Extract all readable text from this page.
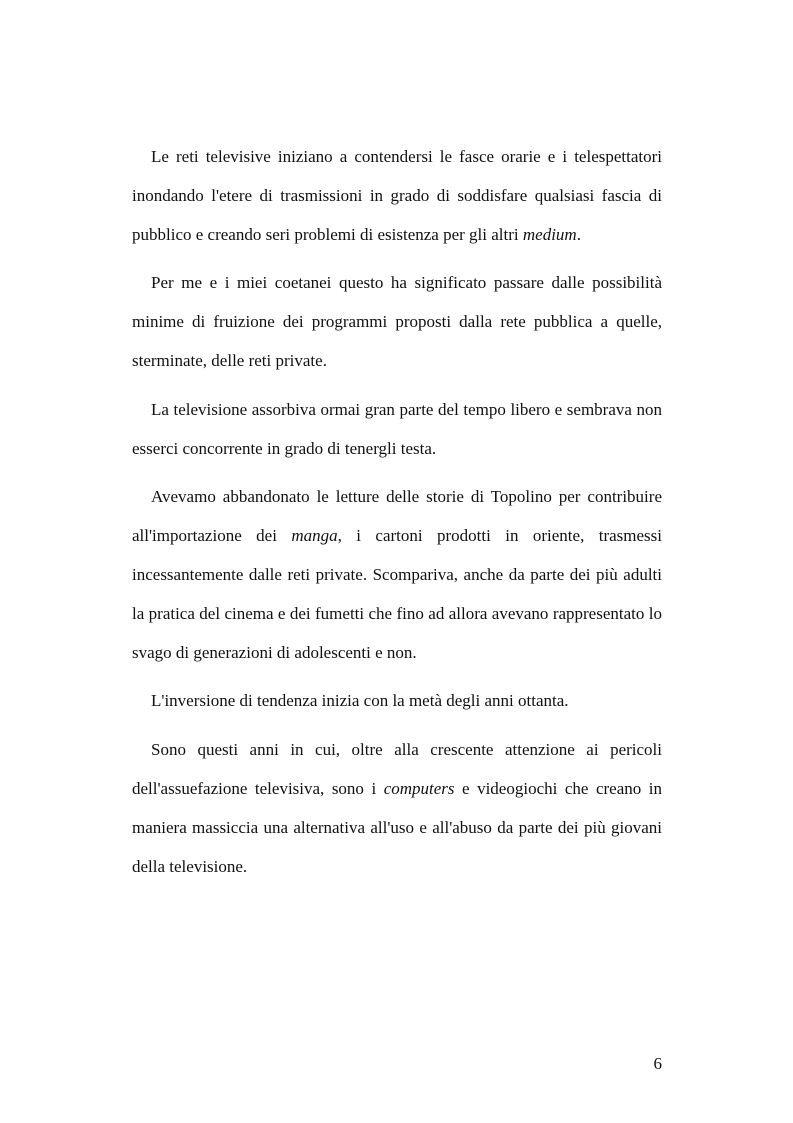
Le reti televisive iniziano a contendersi le fasce orarie e i telespettatori inondando l'etere di trasmissioni in grado di soddisfare qualsiasi fascia di pubblico e creando seri problemi di esistenza per gli altri medium.

Per me e i miei coetanei questo ha significato passare dalle possibilità minime di fruizione dei programmi proposti dalla rete pubblica a quelle, sterminate, delle reti private.

La televisione assorbiva ormai gran parte del tempo libero e sembrava non esserci concorrente in grado di tenergli testa.

Avevamo abbandonato le letture delle storie di Topolino per contribuire all'importazione dei manga, i cartoni prodotti in oriente, trasmessi incessantemente dalle reti private. Scompariva, anche da parte dei più adulti la pratica del cinema e dei fumetti che fino ad allora avevano rappresentato lo svago di generazioni di adolescenti e non.

L'inversione di tendenza inizia con la metà degli anni ottanta.

Sono questi anni in cui, oltre alla crescente attenzione ai pericoli dell'assuefazione televisiva, sono i computers e videogiochi che creano in maniera massiccia una alternativa all'uso e all'abuso da parte dei più giovani della televisione.

6
